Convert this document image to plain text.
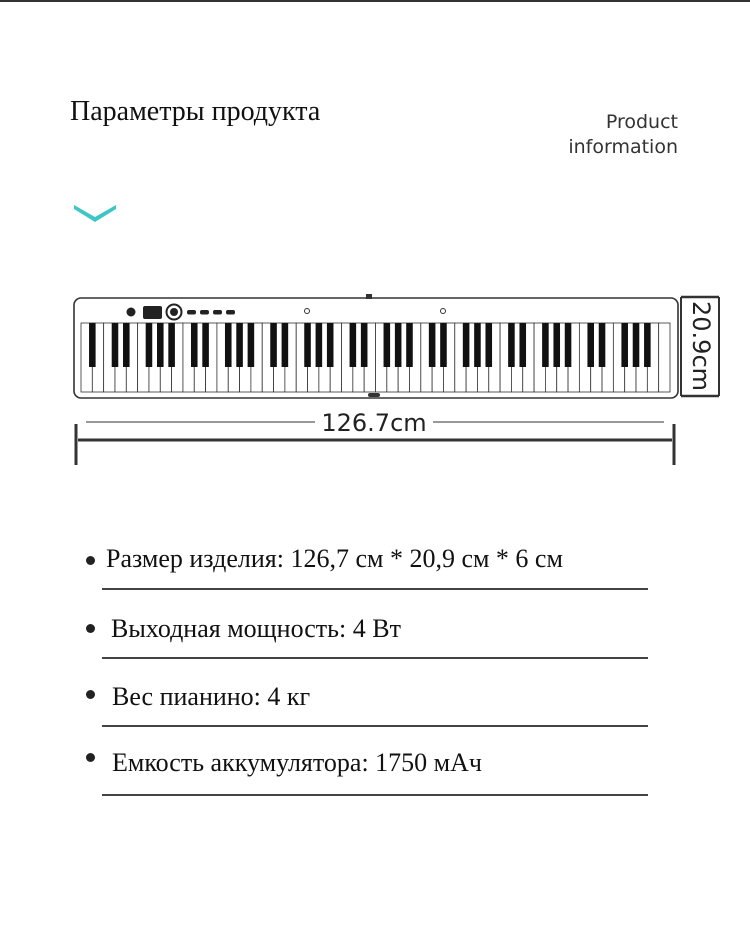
Параметры продукта	Product
information
20.9cm
126.7cm
Размер изделия: 126,7 см * 20,9 см * 6 см
Выходная мощность: 4 Вт
Вес пианино: 4 кг
Емкость аккумулятора: 1750 мАч
